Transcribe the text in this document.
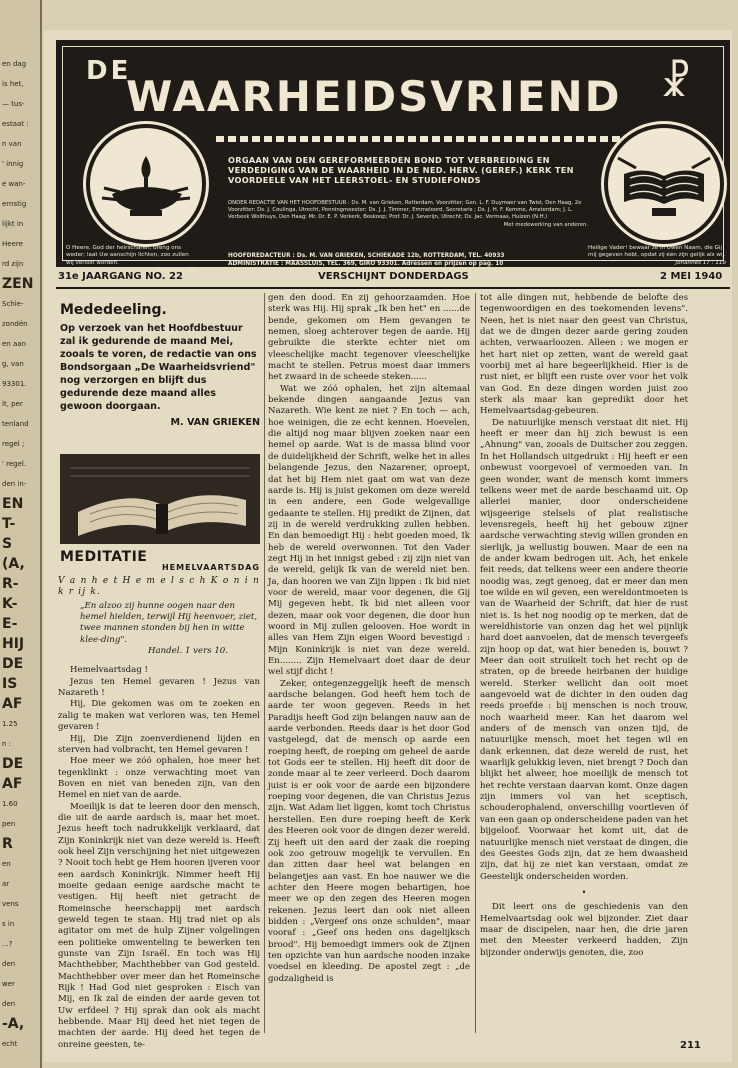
en dag
is het,
— tus-
estaat :
n van
' innig
e wan-
ernstig
lijkt in
Heere
rd zijn
ZEN
Schie-
zondén
en aan
g, van
93301.
it, per
tenland
regel ;
' regel.
den in-
EN
T-
S
(A,
R-
K-
E-
HIJ
DE
IS
AF
1.25
n :
DE
AF
1.60
pen
R
en
ar
vens
s in
...?
den
wer
den
-A,
echt
DE
WAARHEIDSVRIEND ☧
ORGAAN VAN DEN GEREFORMEERDEN BOND TOT VERBREIDING EN VERDEDIGING VAN DE WAARHEID IN DE NED. HERV. (GEREF.) KERK TEN VOORDEELE VAN HET LEERSTOEL- EN STUDIEFONDS
ONDER REDACTIE VAN HET HOOFDBESTUUR : Ds. M. van Grieken, Rotterdam, Voorzitter; Gen. L. F. Duymaer van Twist, Den Haag, 2e Voorzitter; Ds. J. Coulinga, Utrecht, Penningmeester; Ds. J. J. Timmer, Emmeloord, Secretaris ; Ds. J. H. F. Kemme, Amsterdam; J. L. Verbeek Wolthuys, Den Haag; Mr. Dr. E. P. Verkerk, Boskoop; Prof. Dr. J. Severijn, Utrecht; Ds. Jac. Vermaas, Huizen (N.H.)
Met medewerking van anderen.
HOOFDREDACTEUR : Ds. M. VAN GRIEKEN, SCHIEKADE 12b, ROTTERDAM, TEL. 40933
ADMINISTRATIE : MAASSLUIS, TEL. 369, GIRO 93301. Adressen en prijzen op pag. 10
O Heere, God der heirscharen, breng ons weder; laat Uw aanschijn lichten, zoo zullen wij verlost worden.
Psalm 80 : 20
Heilige Vader! bewaar ze in Uwen Naam, die Gij mij gegeven hebt, opdat zij één zijn gelijk als wij.
Johannes 17 : 11b
31e JAARGANG NO. 22	VERSCHIJNT DONDERDAGS	2 MEI 1940
Mededeeling.
Op verzoek van het Hoofdbestuur zal ik gedurende de maand Mei, zooals te voren, de redactie van ons Bondsorgaan „De Waarheidsvriend" nog verzorgen en blijft dus gedurende deze maand alles gewoon doorgaan.
M. VAN GRIEKEN
MEDITATIE
HEMELVAARTSDAG
V a n h e t H e m e l s c h K o n i n k r ij k.
„En alzoo zij hunne oogen naar den hemel hielden, terwijl Hij heenvoer, ziet, twee mannen stonden bij hen in witte klee-ding".
Handel. 1 vers 10.

Hemelvaartsdag !

Jezus ten Hemel gevaren ! Jezus van Nazareth !

Hij, Die gekomen was om te zoeken en zalig te maken wat verloren was, ten Hemel gevaren !

Hij, Die Zijn zoenverdienend lijden en sterven had volbracht, ten Hemel gevaren !

Hoe meer we zóó ophalen, hoe meer het tegenklinkt : onze verwachting moet van Boven en niet van beneden zijn, van den Hemel en niet van de aarde.

Moeilijk is dat te leeren door den mensch, die uit de aarde aardsch is, maar het moet. Jezus heeft toch nadrukkelijk verklaard, dat Zijn Koninkrijk niet van deze wereld is. Heeft ook heel Zijn verschijning het niet uitgewezen ? Nooit toch hebt ge Hem hooren ijveren voor een aardsch Koninkrijk. Nimmer heeft Hij moeite gedaan eenige aardsche macht te vestigen. Hij heeft niet getracht de Romeinsche heerschappij met aardsch geweld tegen te staan. Hij trad niet op als agitator om met de hulp Zijner volgelingen een politieke omwenteling te bewerken ten gunste van Zijn Israël. En toch was Hij Machthebber, Machthebber van God gesteld. Machthebber over meer dan het Romeinsche Rijk ! Had God niet gesproken : Eisch van Mij, en Ik zal de einden der aarde geven tot Uw erfdeel ? Hij sprak dan ook als macht hebbende. Maar Hij deed het niet tegen de machten der aarde. Hij deed het tegen de onreine geesten, te-

gen den dood. En zij gehoorzaamden. Hoe sterk was Hij. Hij sprak „Ik ben het" en ......de bende, gekomen om Hem gevangen te nemen, sloeg achterover tegen de aarde. Hij gebruikte die sterkte echter niet om vleeschelijke macht tegenover vleeschelijke macht te stellen. Petrus moest daar immers het zwaard in de scheede steken......

Wat we zóó ophalen, het zijn altemaal bekende dingen aangaande Jezus van Nazareth. Wie kent ze niet ? En toch — ach, hoe weinigen, die ze echt kennen. Hoevelen, die altijd nog maar blijven zoeken naar een hemel op aarde. Wat is de massa blind voor de duidelijkheid der Schrift, welke het in alles belangende Jezus, den Nazarener, oproept, dat het bij Hem niet gaat om wat van deze aarde is. Hij is juist gekomen om deze wereld in een andere, een Gode welgevallige gedaante te stellen. Hij predikt de Zijnen, dat zij in de wereld verdrukking zullen hebben. En dan bemoedigt Hij : hebt goeden moed, Ik heb de wereld overwonnen. Tot den Vader zegt Hij in het innigst gebed : zij zijn niet van de wereld, gelijk Ik van de wereld niet ben. Ja, dan hooren we van Zijn lippen : Ik bid niet voor de wereld, maar voor degenen, die Gij Mij gegeven hebt. Ik bid niet alleen voor dezen, maar ook voor degenen, die door hun woord in Mij zullen gelooven. Hoe wordt in alles van Hem Zijn eigen Woord bevestigd : Mijn Koninkrijk is niet van deze wereld. En........ Zijn Hemelvaart doet daar de deur wel stijf dicht !

Zeker, ontegenzeggelijk heeft de mensch aardsche belangen. God heeft hem toch de aarde ter woon gegeven. Reeds in het Paradijs heeft God zijn belangen nauw aan de aarde verbonden. Reeds daar is het door God vastgelegd, dat de mensch op aarde een roeping heeft, de roeping om geheel de aarde tot Gods eer te stellen. Hij heeft dit door de zonde maar al te zeer verleerd. Doch daarom juist is er ook voor de aarde een bijzondere roeping voor degenen, die van Christus Jezus zijn. Wat Adam liet liggen, komt toch Christus herstellen. Een dure roeping heeft de Kerk des Heeren ook voor de dingen dezer wereld. Zij heeft uit den aard der zaak die roeping ook zoo getrouw mogelijk te vervullen. En dan zitten daar heel wat belangen en belangetjes aan vast. En hoe nauwer we die achter den Heere mogen behartigen, hoe meer we op den zegen des Heeren mogen rekenen. Jezus leert dan ook niet alleen bidden : „Vergeef ons onze schulden", maar vooraf : „Geef ons heden ons dagelijksch brood". Hij bemoedigt immers ook de Zijnen ten opzichte van hun aardsche nooden inzake voedsel en kleeding. De apostel zegt : „de godzaligheid is

tot alle dingen nut, hebbende de belofte des tegenwoordigen en des toekomenden levens". Neen, het is niet naar den geest van Christus, dat we de dingen dezer aarde gering zouden achten, verwaarloozen. Alleen : we mogen er het hart niet op zetten, want de wereld gaat voorbij met al hare begeerlijkheid. Hier is de rust niet, er blijft een ruste over voor het volk van God. En deze dingen worden juist zoo sterk als maar kan gepredikt door het Hemelvaartsdag-gebeuren.

De natuurlijke mensch verstaat dit niet. Hij heeft er meer dan hij zich bewust is een „Ahnung" van, zooals de Duitscher zou zeggen. In het Hollandsch uitgedrukt : Hij heeft er een onbewust voorgevoel of vermoeden van. In geen wonder, want de mensch komt immers telkens weer met de aarde beschaamd uit. Op allerlei manier, door onderscheidene wijsgeerige stelsels of plat realistische levensregels, heeft hij het gebouw zijner aardsche verwachting stevig willen gronden en sierlijk, ja wellustig bouwen. Maar de een na de ander kwam bedrogen uit. Ach, het enkele feit reeds, dat telkens weer een andere theorie noodig was, zegt genoeg, dat er meer dan men toe wilde en wil geven, een wereldontmoeten is van de Waarheid der Schrift, dat hier de rust niet is. Is het nog noodig op te merken, dat de wereldhistorie van onzen dag het wel pijnlijk hard doet aanvoelen, dat de mensch tevergeefs zijn hoop op dat, wat hier beneden is, bouwt ? Meer dan ooit struikelt toch het recht op de straten, op de breede heirbanen der huidige wereld. Sterker wellicht dan ooit moet aangevoeld wat de dichter in den ouden dag reeds proefde : bij menschen is noch trouw, noch waarheid meer. Kan het daarom wel anders of de mensch van onzen tijd, de natuurlijke mensch, moet het tegen wil en dank erkennen, dat deze wereld de rust, het waarlijk gelukkig leven, niet brengt ? Doch dan blijkt het alweer, hoe moeilijk de mensch tot het rechte verstaan daarvan komt. Onze dagen zijn immers vol van het sceptisch, schouderophalend, onverschillig voortleven óf van een gaan op onderscheidene paden van het bijgeloof. Voorwaar het komt uit, dat de natuurlijke mensch niet verstaat de dingen, die des Geestes Gods zijn, dat ze hem dwaasheid zijn, dat hij ze niet kan verstaan, omdat ze Geestelijk onderscheiden worden.

•

Dit leert ons de geschiedenis van den Hemelvaartsdag ook wel bijzonder. Ziet daar maar de discipelen, naar hen, die drie jaren met den Meester verkeerd hadden, Zijn bijzonder onderwijs genoten, die, zoo

211
